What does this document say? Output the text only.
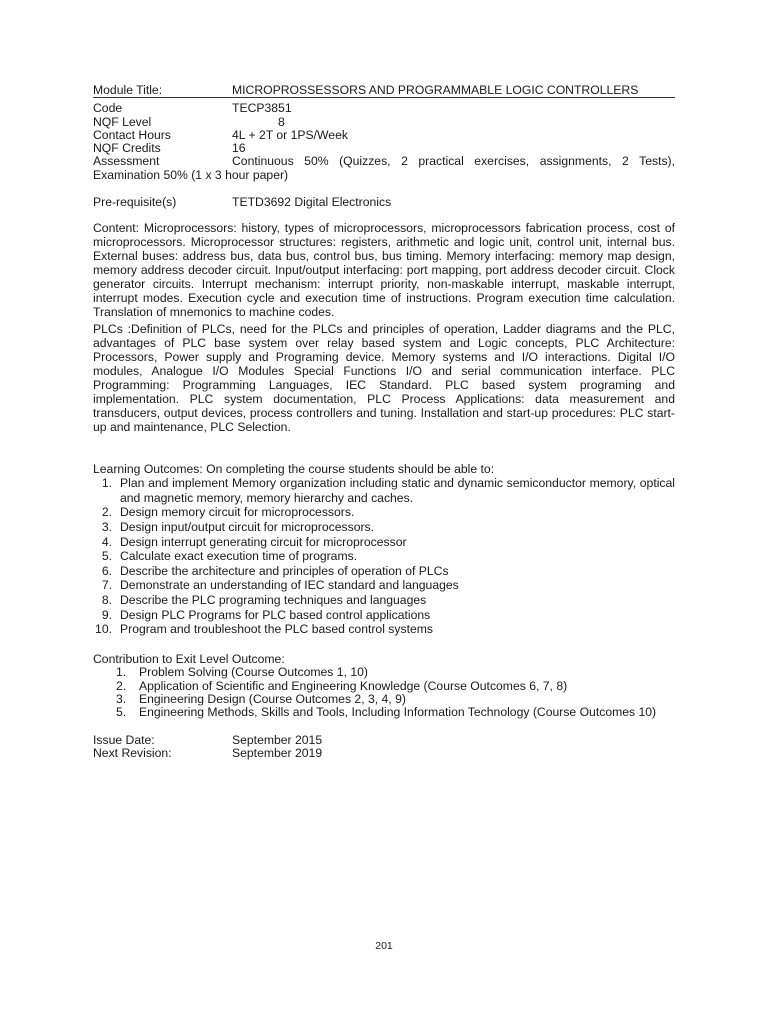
Module Title:	MICROPROSSESSORS AND PROGRAMMABLE LOGIC CONTROLLERS
Code	TECP3851
NQF Level	8
Contact Hours	4L + 2T or 1PS/Week
NQF Credits	16
Assessment	Continuous 50% (Quizzes, 2 practical exercises, assignments, 2 Tests),
Examination 50% (1 x 3 hour paper)
Pre-requisite(s)	TETD3692 Digital Electronics

Content: Microprocessors: history, types of microprocessors, microprocessors fabrication process, cost of microprocessors. Microprocessor structures: registers, arithmetic and logic unit, control unit, internal bus. External buses: address bus, data bus, control bus, bus timing. Memory interfacing: memory map design, memory address decoder circuit. Input/output interfacing: port mapping, port address decoder circuit. Clock generator circuits. Interrupt mechanism: interrupt priority, non-maskable interrupt, maskable interrupt, interrupt modes. Execution cycle and execution time of instructions. Program execution time calculation. Translation of mnemonics to machine codes.

PLCs :Definition of PLCs, need for the PLCs and principles of operation, Ladder diagrams and the PLC, advantages of PLC base system over relay based system and Logic concepts, PLC Architecture: Processors, Power supply and Programing device. Memory systems and I/O interactions. Digital I/O modules, Analogue I/O Modules Special Functions I/O and serial communication interface. PLC Programming: Programming Languages, IEC Standard. PLC based system programing and implementation. PLC system documentation, PLC Process Applications: data measurement and transducers, output devices, process controllers and tuning. Installation and start-up procedures: PLC start-up and maintenance, PLC Selection.

Learning Outcomes: On completing the course students should be able to:
1. Plan and implement Memory organization including static and dynamic semiconductor memory, optical and magnetic memory, memory hierarchy and caches.
2. Design memory circuit for microprocessors.
3. Design input/output circuit for microprocessors.
4. Design interrupt generating circuit for microprocessor
5. Calculate exact execution time of programs.
6. Describe the architecture and principles of operation of PLCs
7. Demonstrate an understanding of IEC standard and languages
8. Describe the PLC programing techniques and languages
9. Design PLC Programs for PLC based control applications
10. Program and troubleshoot the PLC based control systems
Contribution to Exit Level Outcome:
1.	Problem Solving (Course Outcomes 1, 10)
2.	Application of Scientific and Engineering Knowledge (Course Outcomes 6, 7, 8)
3.	Engineering Design (Course Outcomes 2, 3, 4, 9)
5.	Engineering Methods, Skills and Tools, Including Information Technology (Course Outcomes 10)
Issue Date:	September 2015
Next Revision:	September 2019
201
